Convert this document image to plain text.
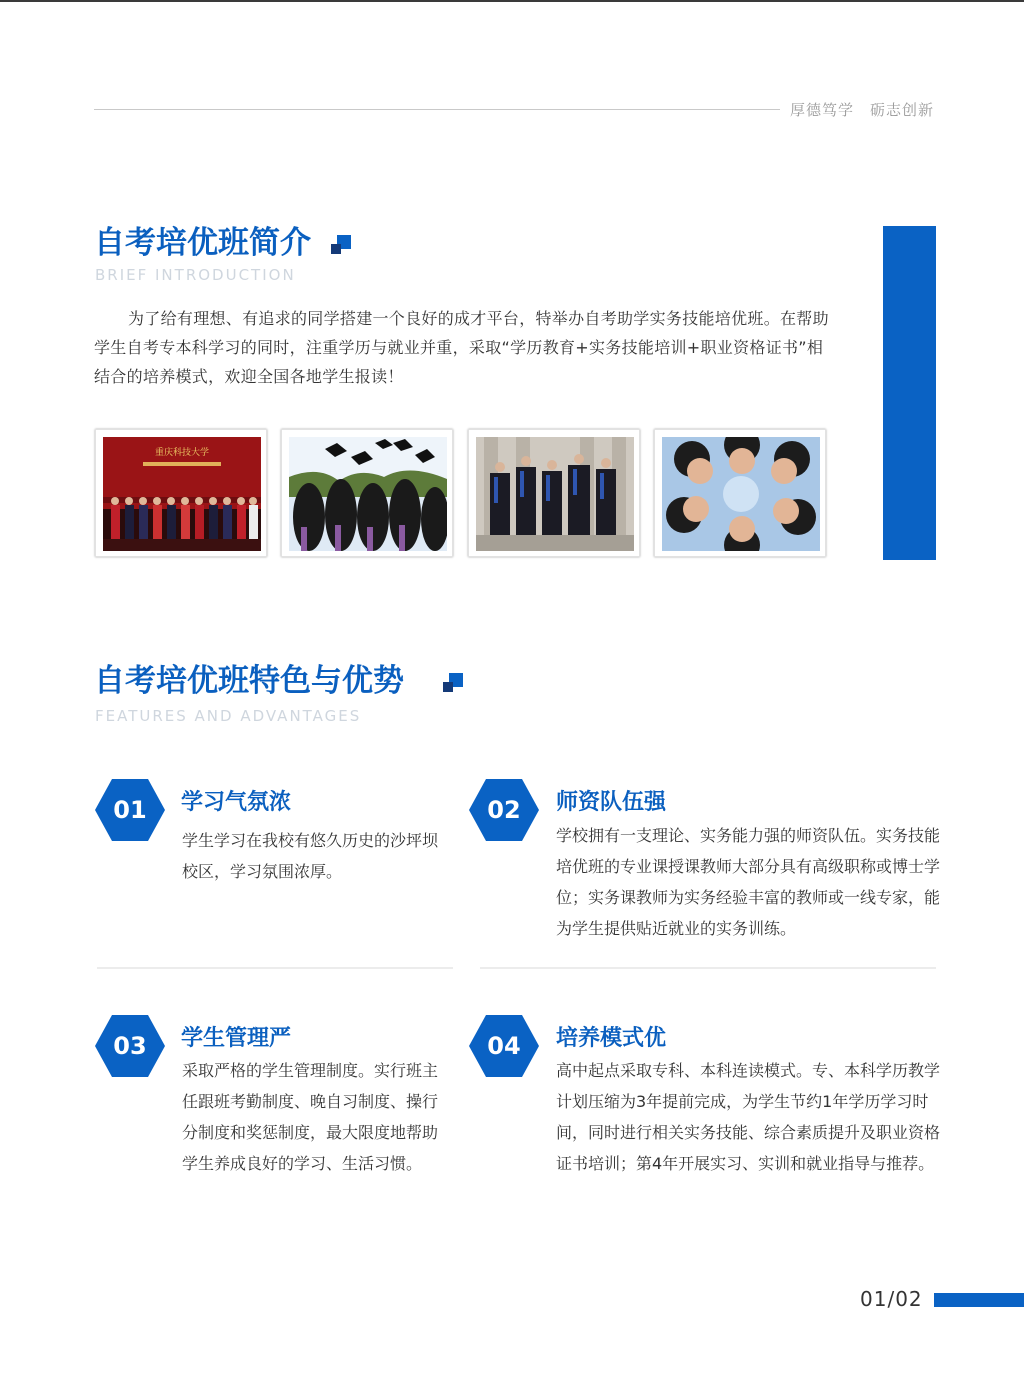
厚德笃学　砺志创新
自考培优班简介
BRIEF INTRODUCTION
为了给有理想、有追求的同学搭建一个良好的成才平台，特举办自考助学实务技能培优班。在帮助学生自考专本科学习的同时，注重学历与就业并重，采取“学历教育+实务技能培训+职业资格证书”相结合的培养模式，欢迎全国各地学生报读！
重庆科技大学
自考培优班特色与优势
FEATURES AND ADVANTAGES
01	学习气氛浓
学生学习在我校有悠久历史的沙坪坝校区，学习氛围浓厚。
02	师资队伍强
学校拥有一支理论、实务能力强的师资队伍。实务技能培优班的专业课授课教师大部分具有高级职称或博士学位；实务课教师为实务经验丰富的教师或一线专家，能为学生提供贴近就业的实务训练。
03	学生管理严
采取严格的学生管理制度。实行班主任跟班考勤制度、晚自习制度、操行分制度和奖惩制度，最大限度地帮助学生养成良好的学习、生活习惯。
04	培养模式优
高中起点采取专科、本科连读模式。专、本科学历教学计划压缩为3年提前完成，为学生节约1年学历学习时间，同时进行相关实务技能、综合素质提升及职业资格证书培训；第4年开展实习、实训和就业指导与推荐。
01/02
